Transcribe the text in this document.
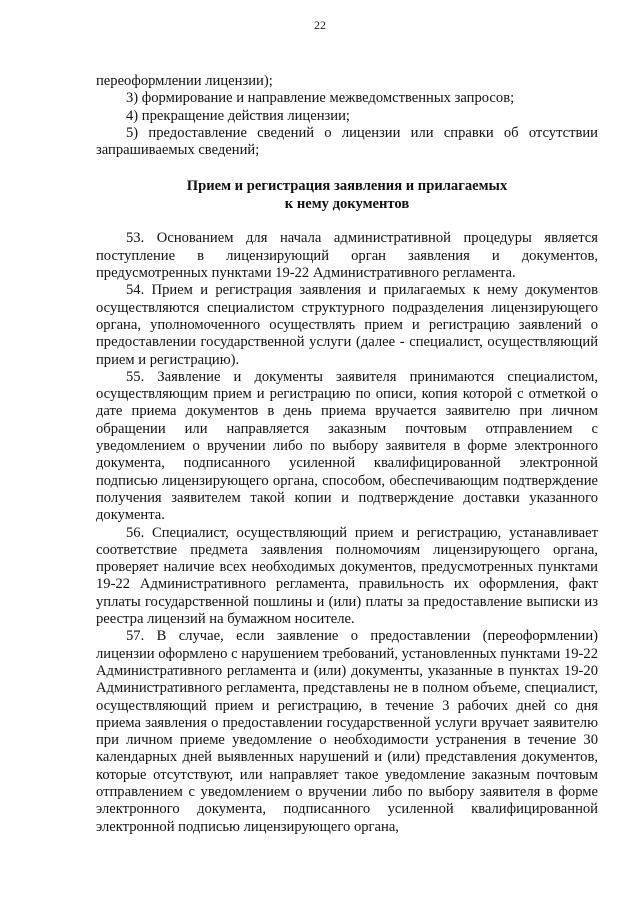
22

переоформлении лицензии);

3) формирование и направление межведомственных запросов;

4) прекращение действия лицензии;

5) предоставление сведений о лицензии или справки об отсутствии запрашиваемых сведений;

Прием и регистрация заявления и прилагаемых
к нему документов

53. Основанием для начала административной процедуры является поступление в лицензирующий орган заявления и документов, предусмотренных пунктами 19-22 Административного регламента.

54. Прием и регистрация заявления и прилагаемых к нему документов осуществляются специалистом структурного подразделения лицензирующего органа, уполномоченного осуществлять прием и регистрацию заявлений о предоставлении государственной услуги (далее - специалист, осуществляющий прием и регистрацию).

55. Заявление и документы заявителя принимаются специалистом, осуществляющим прием и регистрацию по описи, копия которой с отметкой о дате приема документов в день приема вручается заявителю при личном обращении или направляется заказным почтовым отправлением с уведомлением о вручении либо по выбору заявителя в форме электронного документа, подписанного усиленной квалифицированной электронной подписью лицензирующего органа, способом, обеспечивающим подтверждение получения заявителем такой копии и подтверждение доставки указанного документа.

56. Специалист, осуществляющий прием и регистрацию, устанавливает соответствие предмета заявления полномочиям лицензирующего органа, проверяет наличие всех необходимых документов, предусмотренных пунктами 19-22 Административного регламента, правильность их оформления, факт уплаты государственной пошлины и (или) платы за предоставление выписки из реестра лицензий на бумажном носителе.

57. В случае, если заявление о предоставлении (переоформлении) лицензии оформлено с нарушением требований, установленных пунктами 19-22 Административного регламента и (или) документы, указанные в пунктах 19-20 Административного регламента, представлены не в полном объеме, специалист, осуществляющий прием и регистрацию, в течение 3 рабочих дней со дня приема заявления о предоставлении государственной услуги вручает заявителю при личном приеме уведомление о необходимости устранения в течение 30 календарных дней выявленных нарушений и (или) представления документов, которые отсутствуют, или направляет такое уведомление заказным почтовым отправлением с уведомлением о вручении либо по выбору заявителя в форме электронного документа, подписанного усиленной квалифицированной электронной подписью лицензирующего органа,
